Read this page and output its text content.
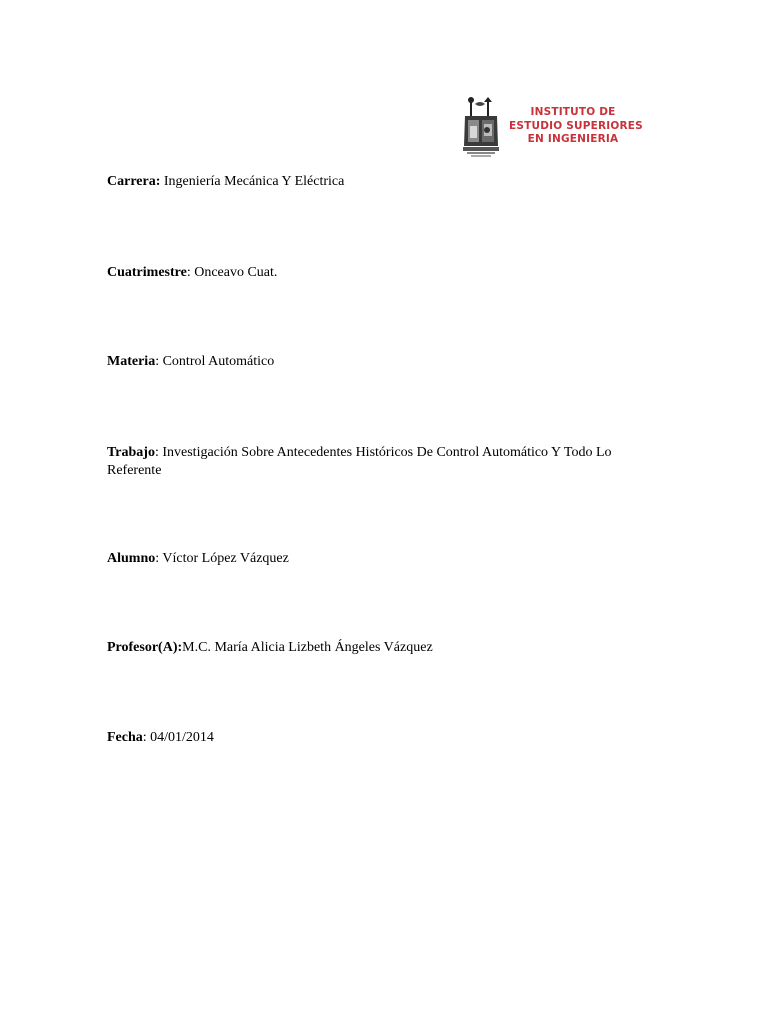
INSTITUTO DE
ESTUDIO SUPERIORES
EN INGENIERIA
Carrera: Ingeniería Mecánica Y Eléctrica
Cuatrimestre: Onceavo Cuat.
Materia: Control Automático
Trabajo: Investigación Sobre Antecedentes Históricos De Control Automático Y Todo Lo Referente
Alumno: Víctor López Vázquez
Profesor(A):M.C. María Alicia Lizbeth Ángeles Vázquez
Fecha: 04/01/2014
